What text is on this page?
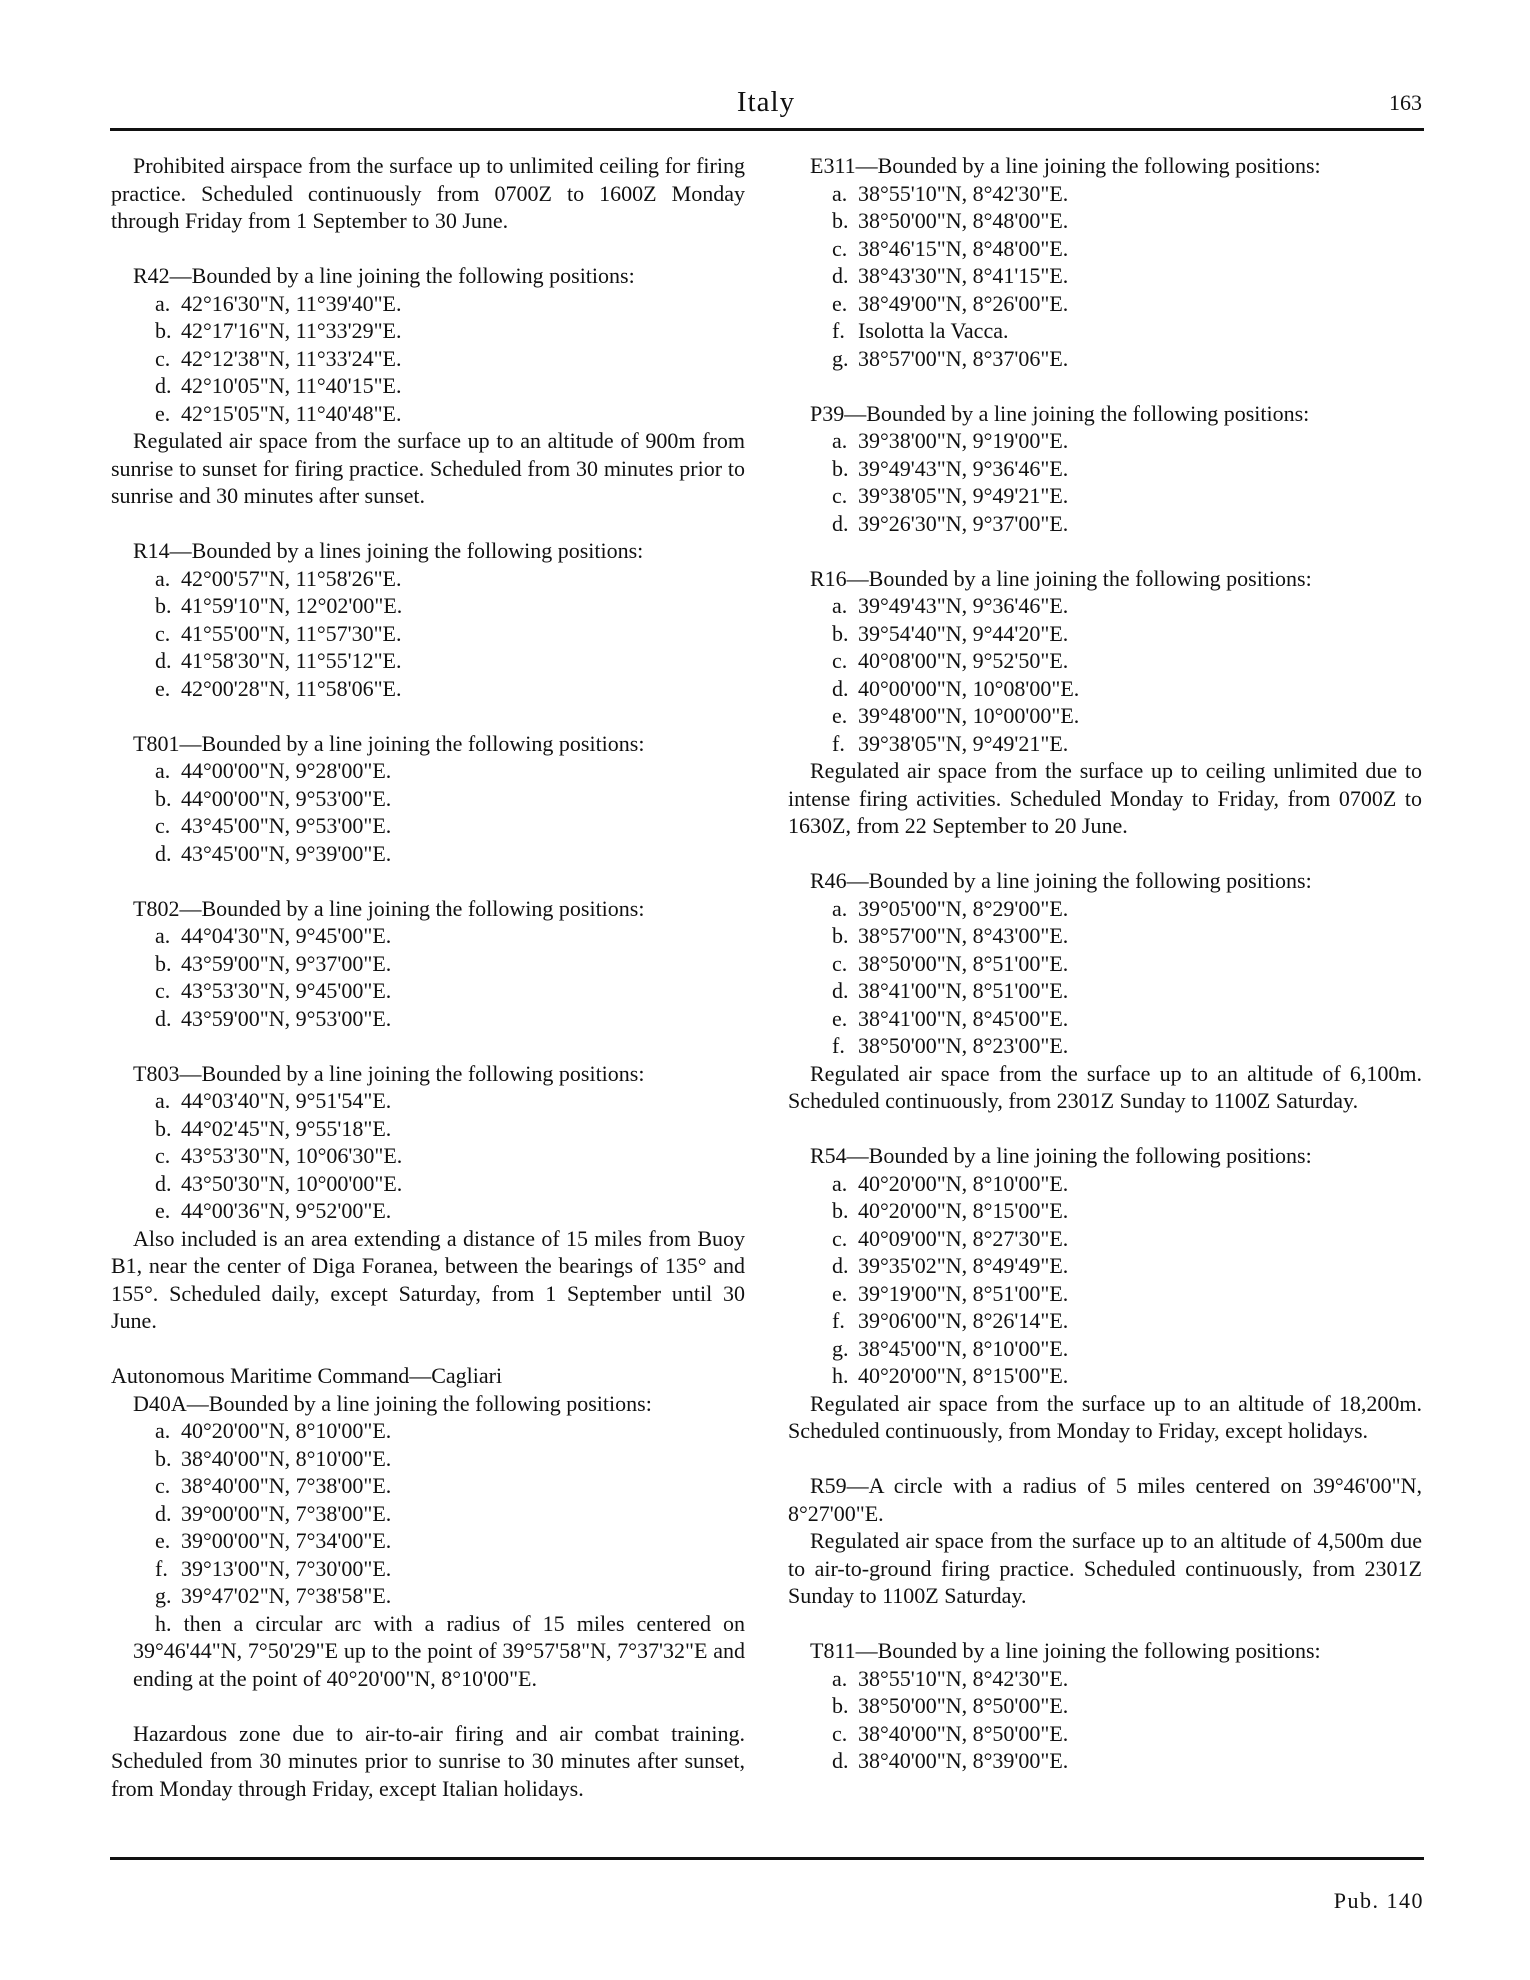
Italy	163

Prohibited airspace from the surface up to unlimited ceiling for firing practice. Scheduled continuously from 0700Z to 1600Z Monday through Friday from 1 September to 30 June.

R42—Bounded by a line joining the following positions:

a. 42°16'30"N, 11°39'40"E.

b. 42°17'16"N, 11°33'29"E.

c. 42°12'38"N, 11°33'24"E.

d. 42°10'05"N, 11°40'15"E.

e. 42°15'05"N, 11°40'48"E.

Regulated air space from the surface up to an altitude of 900m from sunrise to sunset for firing practice. Scheduled from 30 minutes prior to sunrise and 30 minutes after sunset.

R14—Bounded by a lines joining the following positions:

a. 42°00'57"N, 11°58'26"E.

b. 41°59'10"N, 12°02'00"E.

c. 41°55'00"N, 11°57'30"E.

d. 41°58'30"N, 11°55'12"E.

e. 42°00'28"N, 11°58'06"E.

T801—Bounded by a line joining the following positions:

a. 44°00'00"N, 9°28'00"E.

b. 44°00'00"N, 9°53'00"E.

c. 43°45'00"N, 9°53'00"E.

d. 43°45'00"N, 9°39'00"E.

T802—Bounded by a line joining the following positions:

a. 44°04'30"N, 9°45'00"E.

b. 43°59'00"N, 9°37'00"E.

c. 43°53'30"N, 9°45'00"E.

d. 43°59'00"N, 9°53'00"E.

T803—Bounded by a line joining the following positions:

a. 44°03'40"N, 9°51'54"E.

b. 44°02'45"N, 9°55'18"E.

c. 43°53'30"N, 10°06'30"E.

d. 43°50'30"N, 10°00'00"E.

e. 44°00'36"N, 9°52'00"E.

Also included is an area extending a distance of 15 miles from Buoy B1, near the center of Diga Foranea, between the bearings of 135° and 155°. Scheduled daily, except Saturday, from 1 September until 30 June.

Autonomous Maritime Command—Cagliari

D40A—Bounded by a line joining the following positions:

a. 40°20'00"N, 8°10'00"E.

b. 38°40'00"N, 8°10'00"E.

c. 38°40'00"N, 7°38'00"E.

d. 39°00'00"N, 7°38'00"E.

e. 39°00'00"N, 7°34'00"E.

f. 39°13'00"N, 7°30'00"E.

g. 39°47'02"N, 7°38'58"E.

h. then a circular arc with a radius of 15 miles centered on 39°46'44"N, 7°50'29"E up to the point of 39°57'58"N, 7°37'32"E and ending at the point of 40°20'00"N, 8°10'00"E.

Hazardous zone due to air-to-air firing and air combat training. Scheduled from 30 minutes prior to sunrise to 30 minutes after sunset, from Monday through Friday, except Italian holidays.

E311—Bounded by a line joining the following positions:

a. 38°55'10"N, 8°42'30"E.

b. 38°50'00"N, 8°48'00"E.

c. 38°46'15"N, 8°48'00"E.

d. 38°43'30"N, 8°41'15"E.

e. 38°49'00"N, 8°26'00"E.

f. Isolotta la Vacca.

g. 38°57'00"N, 8°37'06"E.

P39—Bounded by a line joining the following positions:

a. 39°38'00"N, 9°19'00"E.

b. 39°49'43"N, 9°36'46"E.

c. 39°38'05"N, 9°49'21"E.

d. 39°26'30"N, 9°37'00"E.

R16—Bounded by a line joining the following positions:

a. 39°49'43"N, 9°36'46"E.

b. 39°54'40"N, 9°44'20"E.

c. 40°08'00"N, 9°52'50"E.

d. 40°00'00"N, 10°08'00"E.

e. 39°48'00"N, 10°00'00"E.

f. 39°38'05"N, 9°49'21"E.

Regulated air space from the surface up to ceiling unlimited due to intense firing activities. Scheduled Monday to Friday, from 0700Z to 1630Z, from 22 September to 20 June.

R46—Bounded by a line joining the following positions:

a. 39°05'00"N, 8°29'00"E.

b. 38°57'00"N, 8°43'00"E.

c. 38°50'00"N, 8°51'00"E.

d. 38°41'00"N, 8°51'00"E.

e. 38°41'00"N, 8°45'00"E.

f. 38°50'00"N, 8°23'00"E.

Regulated air space from the surface up to an altitude of 6,100m. Scheduled continuously, from 2301Z Sunday to 1100Z Saturday.

R54—Bounded by a line joining the following positions:

a. 40°20'00"N, 8°10'00"E.

b. 40°20'00"N, 8°15'00"E.

c. 40°09'00"N, 8°27'30"E.

d. 39°35'02"N, 8°49'49"E.

e. 39°19'00"N, 8°51'00"E.

f. 39°06'00"N, 8°26'14"E.

g. 38°45'00"N, 8°10'00"E.

h. 40°20'00"N, 8°15'00"E.

Regulated air space from the surface up to an altitude of 18,200m. Scheduled continuously, from Monday to Friday, except holidays.

R59—A circle with a radius of 5 miles centered on 39°46'00"N, 8°27'00"E.

Regulated air space from the surface up to an altitude of 4,500m due to air-to-ground firing practice. Scheduled continuously, from 2301Z Sunday to 1100Z Saturday.

T811—Bounded by a line joining the following positions:

a. 38°55'10"N, 8°42'30"E.

b. 38°50'00"N, 8°50'00"E.

c. 38°40'00"N, 8°50'00"E.

d. 38°40'00"N, 8°39'00"E.

Pub. 140
